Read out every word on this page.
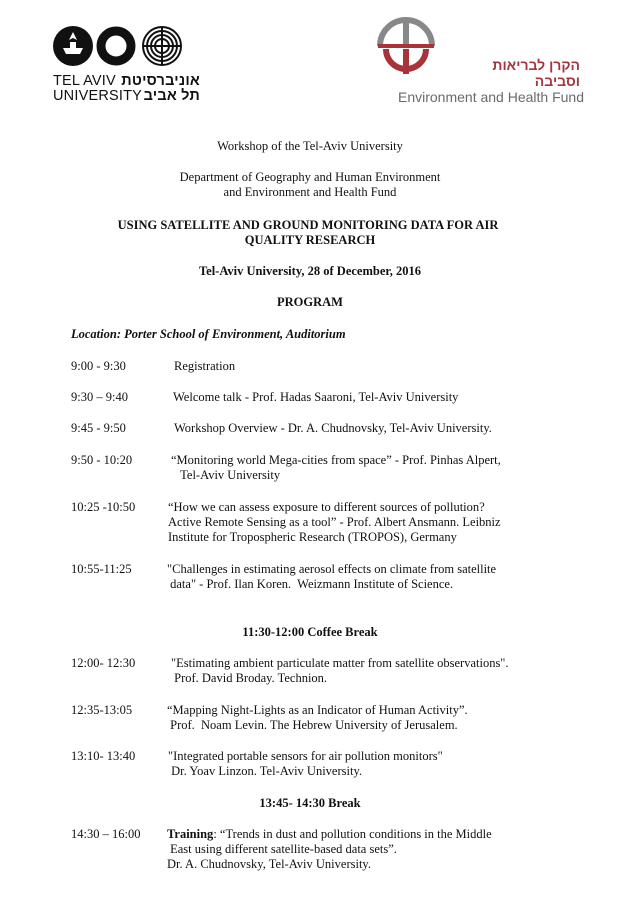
TEL AVIV
UNIVERSITY
אוניברסיטת
תל אביב
הקרן לבריאות וסביבה
Environment and Health Fund
Workshop of the Tel-Aviv University
Department of Geography and Human Environment
and Environment and Health Fund
USING SATELLITE AND GROUND MONITORING DATA FOR AIR
QUALITY RESEARCH
Tel-Aviv University, 28 of December, 2016
PROGRAM
Location: Porter School of Environment, Auditorium
9:00 - 9:30	Registration
9:30 – 9:40	Welcome talk - Prof. Hadas Saaroni, Tel-Aviv University
9:45 - 9:50	Workshop Overview - Dr. A. Chudnovsky, Tel-Aviv University.
9:50 - 10:20	“Monitoring world Mega-cities from space” - Prof. Pinhas Alpert,
Tel-Aviv University
10:25 -10:50	“How we can assess exposure to different sources of pollution?
Active Remote Sensing as a tool” - Prof. Albert Ansmann. Leibniz
Institute for Tropospheric Research (TROPOS), Germany
10:55-11:25	"Challenges in estimating aerosol effects on climate from satellite
data" - Prof. Ilan Koren.  Weizmann Institute of Science.
11:30-12:00 Coffee Break
12:00- 12:30	"Estimating ambient particulate matter from satellite observations".
Prof. David Broday. Technion.
12:35-13:05	“Mapping Night-Lights as an Indicator of Human Activity”.
Prof.  Noam Levin. The Hebrew University of Jerusalem.
13:10- 13:40	"Integrated portable sensors for air pollution monitors"
Dr. Yoav Linzon. Tel-Aviv University.
13:45- 14:30 Break
14:30 – 16:00 Training: “Trends in dust and pollution conditions in the Middle
East using different satellite-based data sets”.
Dr. A. Chudnovsky, Tel-Aviv University.
